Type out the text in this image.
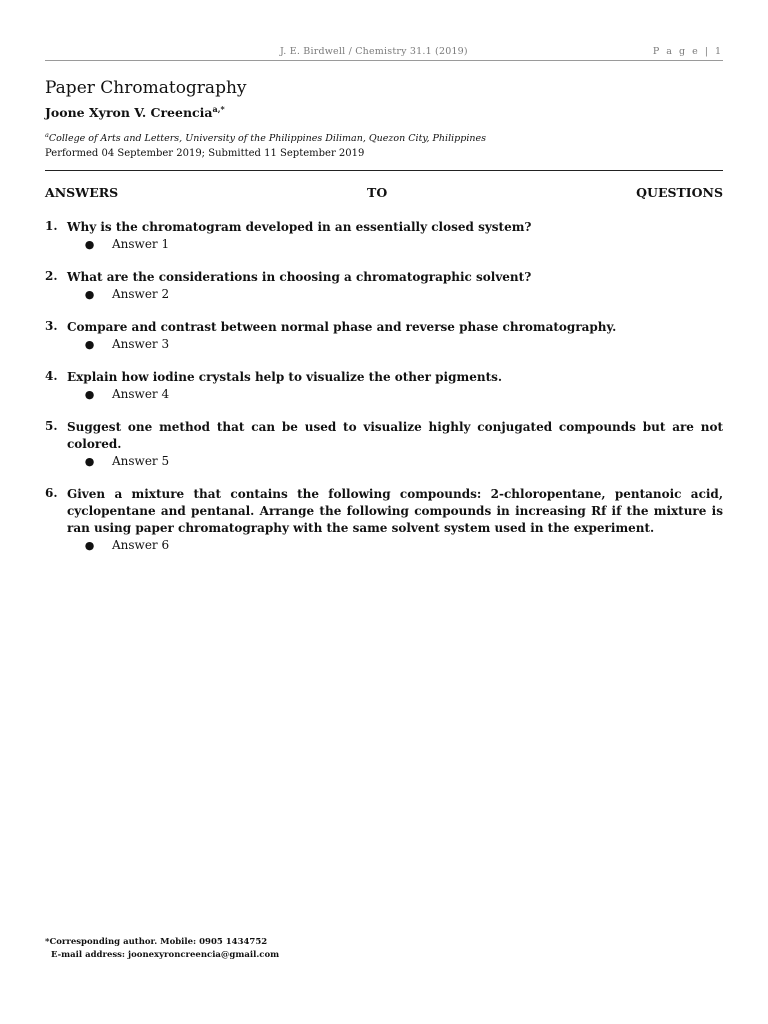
J. E. Birdwell / Chemistry 31.1 (2019)	P a g e | 1
Paper Chromatography
Joone Xyron V. Creencia$^{a,*}$
$^a$College of Arts and Letters, University of the Philippines Diliman, Quezon City, Philippines
Performed 04 September 2019; Submitted 11 September 2019
ANSWERS	TO	QUESTIONS
1. Why is the chromatogram developed in an essentially closed system?
●	Answer 1
2. What are the considerations in choosing a chromatographic solvent?
●	Answer 2
3. Compare and contrast between normal phase and reverse phase chromatography.
●	Answer 3
4. Explain how iodine crystals help to visualize the other pigments.
●	Answer 4
5. Suggest one method that can be used to visualize highly conjugated compounds but are not colored.
●	Answer 5
6. Given a mixture that contains the following compounds: 2-chloropentane, pentanoic acid, cyclopentane and pentanal. Arrange the following compounds in increasing Rf if the mixture is ran using paper chromatography with the same solvent system used in the experiment.
●	Answer 6
*Corresponding author. Mobile: 0905 1434752
E-mail address: joonexyroncreencia@gmail.com
